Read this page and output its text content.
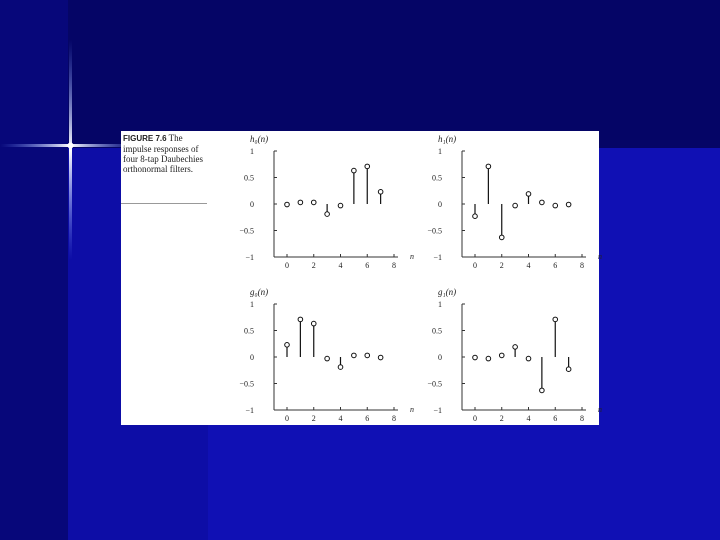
FIGURE 7.6 The impulse responses of four 8-tap Daubechies orthonormal filters.
1
0.5
0
−0.5
−1
0	2	4	6	8
n
h₀(n)
1
0.5
0
−0.5
−1
0	2	4	6	8
n
h₁(n)
1
0.5
0
−0.5
−1
0	2	4	6	8
n
g₀(n)
1
0.5
0
−0.5
−1
0	2	4	6	8
n
g₁(n)
